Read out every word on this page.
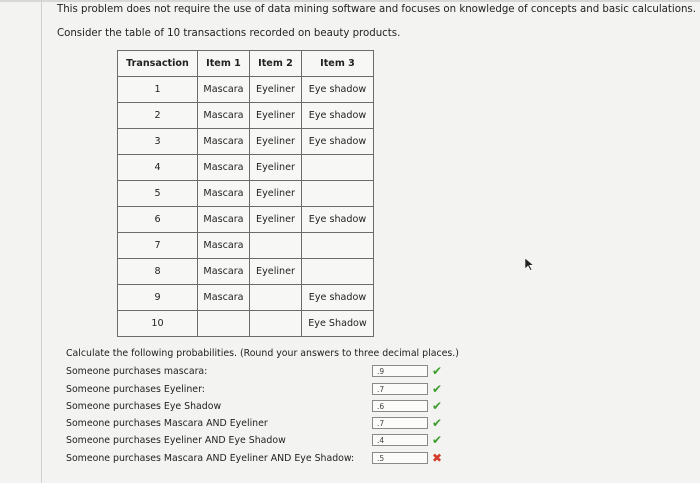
This problem does not require the use of data mining software and focuses on knowledge of concepts and basic calculations.
Consider the table of 10 transactions recorded on beauty products.
Transaction	Item 1	Item 2	Item 3
1	Mascara	Eyeliner	Eye shadow
2	Mascara	Eyeliner	Eye shadow
3	Mascara	Eyeliner	Eye shadow
4	Mascara	Eyeliner	
5	Mascara	Eyeliner	
6	Mascara	Eyeliner	Eye shadow
7	Mascara		
8	Mascara	Eyeliner	
9	Mascara		Eye shadow
10			Eye Shadow
Calculate the following probabilities. (Round your answers to three decimal places.)
Someone purchases mascara:	.9	✔
Someone purchases Eyeliner:	.7	✔
Someone purchases Eye Shadow	.6	✔
Someone purchases Mascara AND Eyeliner	.7	✔
Someone purchases Eyeliner AND Eye Shadow	.4	✔
Someone purchases Mascara AND Eyeliner AND Eye Shadow:	.5	✖
